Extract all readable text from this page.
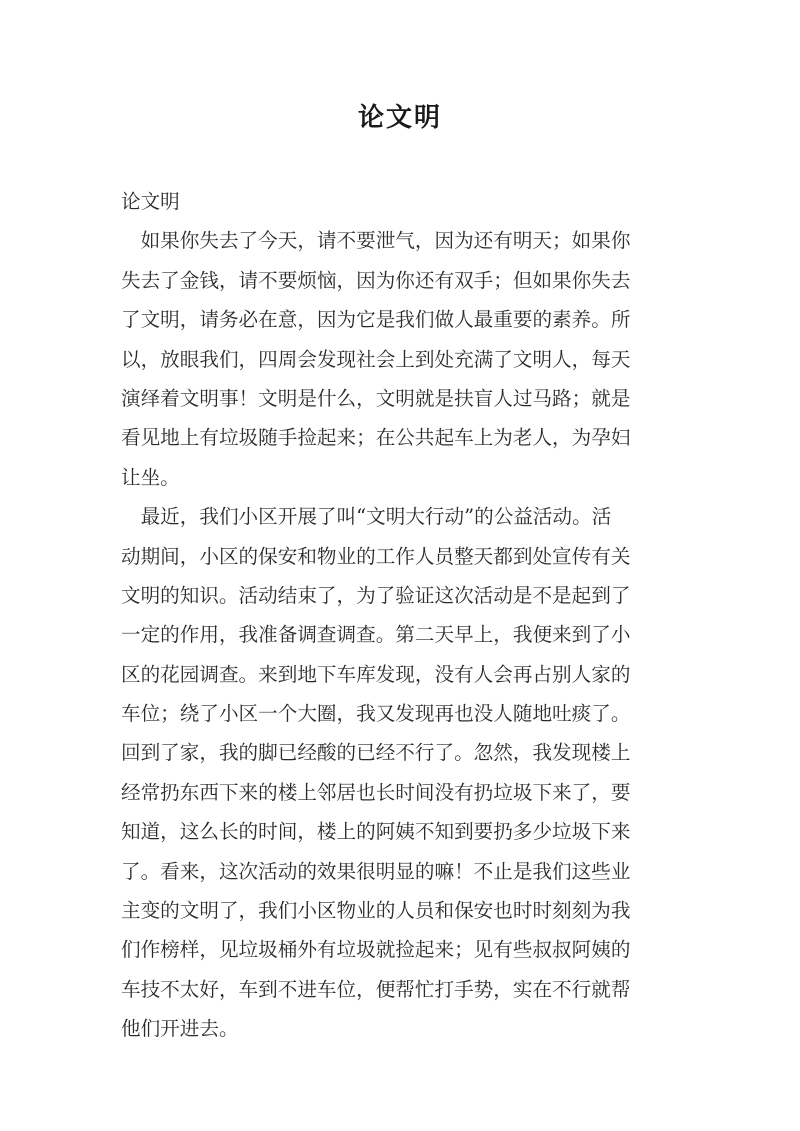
论文明
论文明
　如果你失去了今天，请不要泄气，因为还有明天；如果你
失去了金钱，请不要烦恼，因为你还有双手；但如果你失去
了文明，请务必在意，因为它是我们做人最重要的素养。所
以，放眼我们，四周会发现社会上到处充满了文明人，每天
演绎着文明事！文明是什么，文明就是扶盲人过马路；就是
看见地上有垃圾随手捡起来；在公共起车上为老人，为孕妇
让坐。
　最近，我们小区开展了叫“文明大行动”的公益活动。活
动期间，小区的保安和物业的工作人员整天都到处宣传有关
文明的知识。活动结束了，为了验证这次活动是不是起到了
一定的作用，我准备调查调查。第二天早上，我便来到了小
区的花园调查。来到地下车库发现，没有人会再占别人家的
车位；绕了小区一个大圈，我又发现再也没人随地吐痰了。
回到了家，我的脚已经酸的已经不行了。忽然，我发现楼上
经常扔东西下来的楼上邻居也长时间没有扔垃圾下来了，要
知道，这么长的时间，楼上的阿姨不知到要扔多少垃圾下来
了。看来，这次活动的效果很明显的嘛！不止是我们这些业
主变的文明了，我们小区物业的人员和保安也时时刻刻为我
们作榜样，见垃圾桶外有垃圾就捡起来；见有些叔叔阿姨的
车技不太好，车到不进车位，便帮忙打手势，实在不行就帮
他们开进去。
